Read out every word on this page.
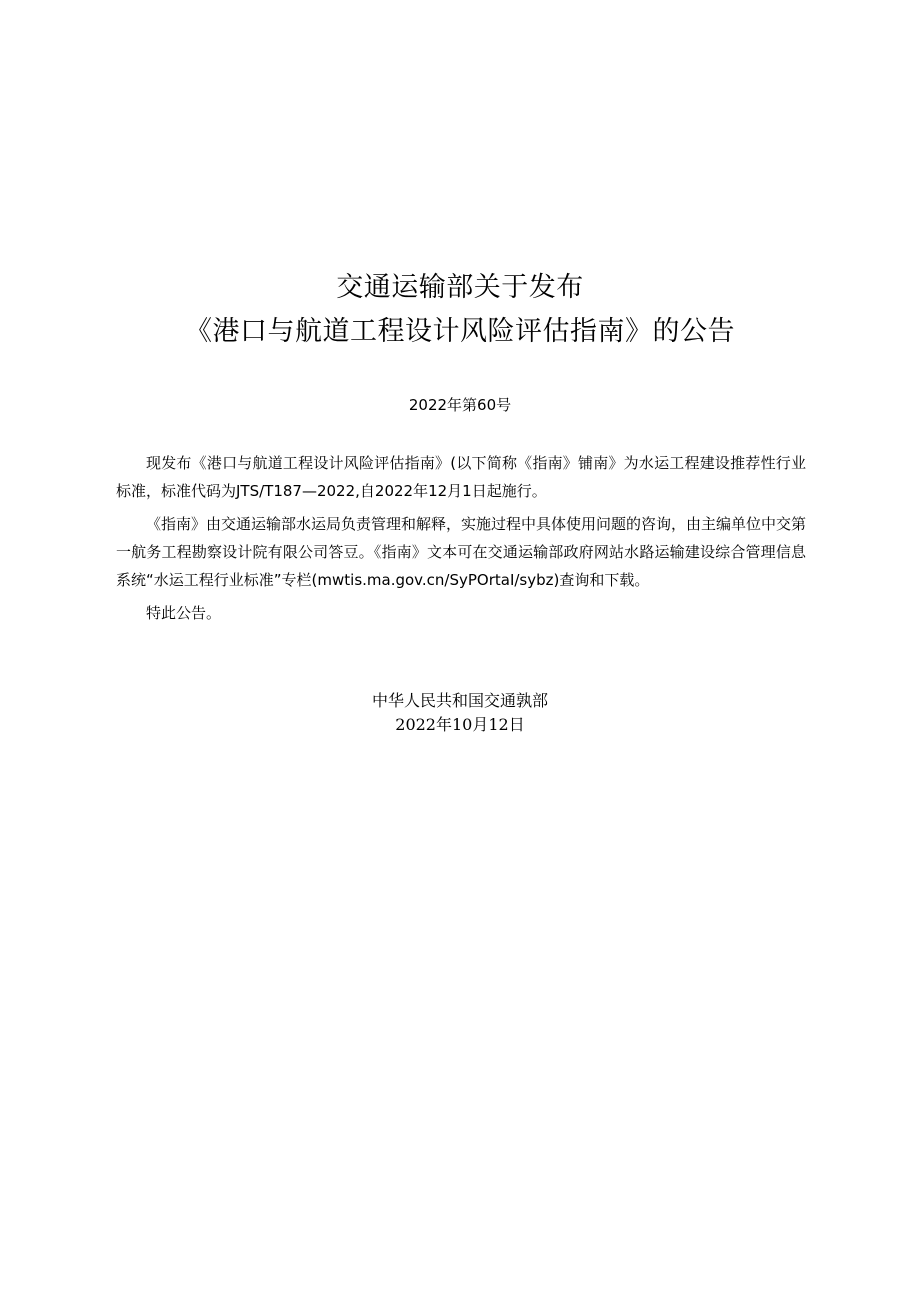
交通运输部关于发布
《港口与航道工程设计风险评估指南》的公告
2022年第60号

现发布《港口与航道工程设计风险评估指南》(以下简称《指南》铺南》为水运工程建设推荐性行业标准，标准代码为JTS/T187—2022,自2022年12月1日起施行。

《指南》由交通运输部水运局负责管理和解释，实施过程中具体使用问题的咨询，由主编单位中交第一航务工程勘察设计院有限公司答豆。《指南》文本可在交通运输部政府网站水路运输建设综合管理信息系统“水运工程行业标准”专栏(mwtis.ma.gov.cn/SyPOrtaI/sybz)查询和下载。

特此公告。

中华人民共和国交通孰部
2022年10月12日
